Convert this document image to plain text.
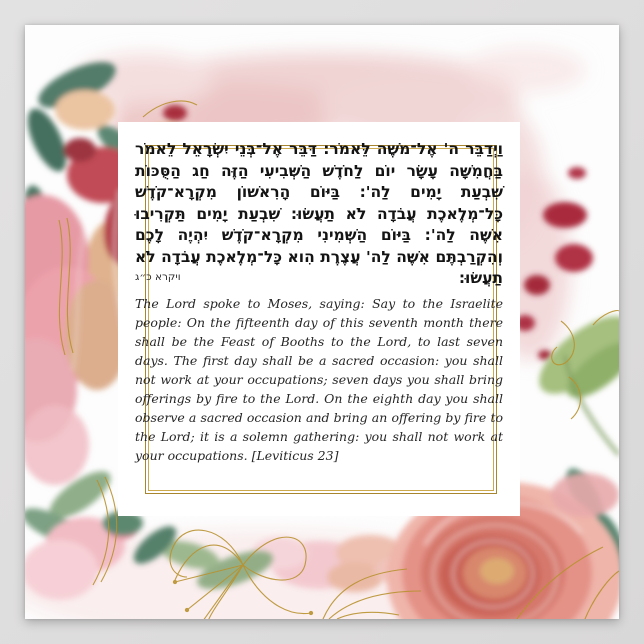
וַיְדַבֵּר ה' אֶל־מֹשֶׁה לֵּאמֹר: דַּבֵּר אֶל־בְּנֵי יִשְׂרָאֵל לֵאמֹר בַּחֲמִשָּׁה עָשָׂר יוֹם לַחֹדֶשׁ הַשְּׁבִיעִי הַזֶּה חַג הַסֻּכּוֹת שִׁבְעַת יָמִים לַה': בַּיּוֹם הָרִאשׁוֹן מִקְרָא־קֹדֶשׁ כָּל־מְלֶאכֶת עֲבֹדָה לֹא תַעֲשׂוּ: שִׁבְעַת יָמִים תַּקְרִיבוּ אִשֶּׁה לַה': בַּיּוֹם הַשְּׁמִינִי מִקְרָא־קֹדֶשׁ יִהְיֶה לָכֶם וְהִקְרַבְתֶּם אִשֶּׁה לַה' עֲצֶרֶת הִוא כָּל־מְלֶאכֶת עֲבֹדָה לֹא תַעֲשׂוּ:

ויקרא כ״ג

The Lord spoke to Moses, saying: Say to the Israelite people: On the fifteenth day of this seventh month there shall be the Feast of Booths to the Lord, to last seven days. The first day shall be a sacred occasion: you shall not work at your occupations; seven days you shall bring offerings by fire to the Lord. On the eighth day you shall observe a sacred occasion and bring an offering by fire to the Lord; it is a solemn gathering: you shall not work at your occupations. [Leviticus 23]
